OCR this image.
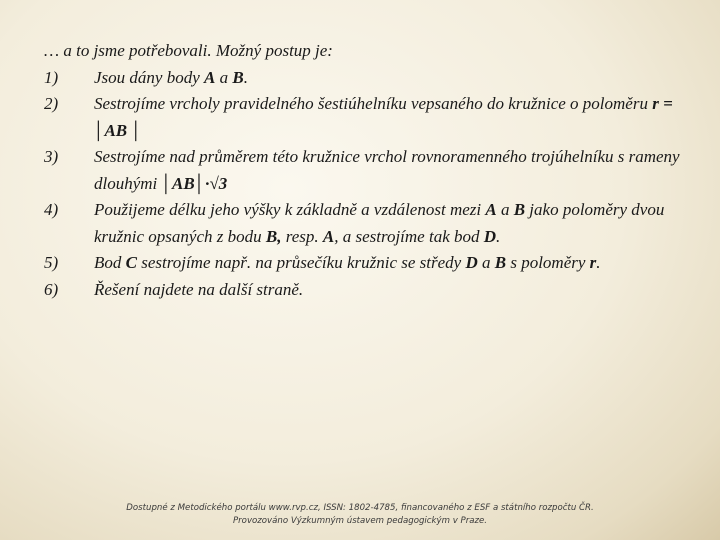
… a to jsme potřebovali. Možný postup je:

1)	Jsou dány body A a B.
2)	Sestrojíme vrcholy pravidelného šestiúhelníku vepsaného do kružnice o poloměru r = │AB │
3)	Sestrojíme nad průměrem této kružnice vrchol rovnoramenného trojúhelníku s rameny dlouhými │AB│·√3
4)	Použijeme délku jeho výšky k základně a vzdálenost mezi A a B jako poloměry dvou kružnic opsaných z bodu B, resp. A, a sestrojíme tak bod D.
5)	Bod C sestrojíme např. na průsečíku kružnic se středy D a B s poloměry r.
6)	Řešení najdete na další straně.
Dostupné z Metodického portálu www.rvp.cz, ISSN: 1802-4785, financovaného z ESF a státního rozpočtu ČR.
Provozováno Výzkumným ústavem pedagogickým v Praze.
